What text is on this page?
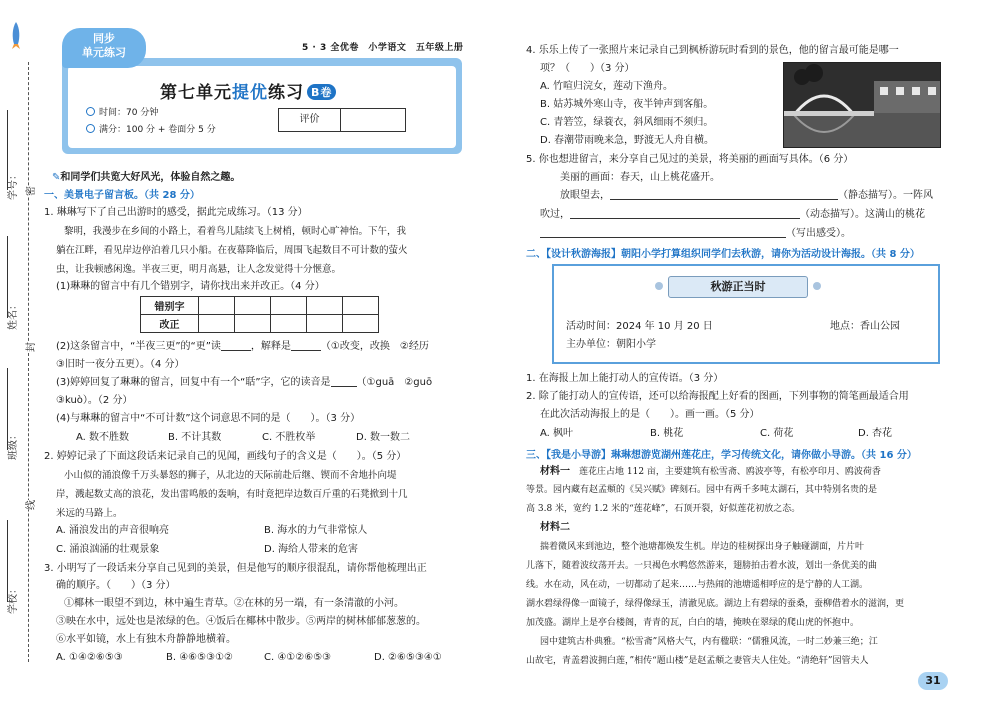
学号：
姓名：
班级：
学校：
密
封
线
同步
单元练习	5 · 3 全优卷　小学语文　五年级上册
第七单元提优练习 B卷
时间：70 分钟
满分：100 分 + 卷面分 5 分
评价
✎和同学们共览大好风光，体验自然之趣。
一、美景电子留言板。（共 28 分）
1. 琳琳写下了自己出游时的感受，据此完成练习。（13 分）
黎明，我漫步在乡间的小路上，看着鸟儿陆续飞上树梢，顿时心旷神怡。下午，我
躺在江畔，看见岸边停泊着几只小船。在夜幕降临后，周围飞起数目不可计数的萤火
虫，让我顿感闲逸。半夜三更，明月高悬，让人念发觉得十分惬意。
(1)琳琳的留言中有几个错别字，请你找出来并改正。（4 分）
错别字					
改正					
(2)这条留言中，“半夜三更”的“更”读	，解释是	（①改变，改换　②经历
③旧时一夜分五更）。（4 分）
(3)婷婷回复了琳琳的留言，回复中有一个“聒”字，它的读音是	（①guā　②guō
③kuò）。（2 分）
(4)与琳琳的留言中“不可计数”这个词意思不同的是（　　）。（3 分）
A. 数不胜数	B. 不计其数	C. 不胜枚举	D. 数一数二
2. 婷婷记录了下面这段话来记录自己的见闻，画线句子的含义是（　　）。（5 分）
小山似的涌浪像千万头暴怒的狮子，从北边的天际前赴后继、锲而不舍地扑向堤
岸，溅起数丈高的浪花，发出雷鸣般的轰响，有时竟把岸边数百斤重的石凳掀到十几
米远的马路上。
A. 涌浪发出的声音很响亮	B. 海水的力气非常惊人
C. 涌浪汹涌的壮观景象	D. 海给人带来的危害
3. 小明写了一段话来分享自己见到的美景，但是他写的顺序很混乱，请你帮他梳理出正
确的顺序。（　　）（3 分）
①椰林一眼望不到边，林中遍生青草。②在林的另一端，有一条清澈的小河。
③映在水中，远处也是浓绿的色。④饭后在椰林中散步。⑤两岸的树林郁郁葱葱的。
⑥水平如镜，水上有独木舟静静地横着。
A. ①④②⑥⑤③	B. ④⑥⑤③①②	C. ④①②⑥⑤③	D. ②⑥⑤③④①
4. 乐乐上传了一张照片来记录自己到枫桥游玩时看到的景色，他的留言最可能是哪一
项？（　　）（3 分）
A. 竹喧归浣女，莲动下渔舟。
B. 姑苏城外寒山寺，夜半钟声到客船。
C. 青箬笠，绿蓑衣，斜风细雨不须归。
D. 春潮带雨晚来急，野渡无人舟自横。
5. 你也想进留言，来分享自己见过的美景，将美丽的画面写具体。（6 分）
美丽的画面：春天，山上桃花盛开。
放眼望去，	（静态描写）。一阵风
吹过，	（动态描写）。这满山的桃花
（写出感受）。
二、【设计秋游海报】朝阳小学打算组织同学们去秋游，请你为活动设计海报。（共 8 分）
秋游正当时
活动时间：2024 年 10 月 20 日	地点：香山公园
主办单位：朝阳小学
1. 在海报上加上能打动人的宣传语。（3 分）
2. 除了能打动人的宣传语，还可以给海报配上好看的图画，下列事物的简笔画最适合用
在此次活动海报上的是（　　）。画一画。（5 分）
A. 枫叶	B. 桃花	C. 荷花	D. 杏花
三、【我是小导游】琳琳想游览湖州莲花庄，学习传统文化，请你做小导游。（共 16 分）
材料一　 莲花庄占地 112 亩，主要建筑有松雪斋、鸥波亭等，有松亭印月、鸥波荷香
等景。园内藏有赵孟頫的《吴兴赋》碑刻石。园中有两千多吨太湖石，其中特别名贵的是
高 3.8 米，宽约 1.2 米的“莲花峰”，石顶开裂，好似莲花初放之态。
材料二
揣着微风来到池边，整个池塘都焕发生机。岸边的桂树探出身子触碰湖面，片片叶
儿落下，随着波纹荡开去。一只褐色水鸭悠然游来，翅膀拍击着水波，划出一条优美的曲
线。水在动，风在动，一切都动了起来……与热闹的池塘遥相呼应的是宁静的人工湖。
湖水碧绿得像一面镜子，绿得像绿玉，清澈见底。湖边上有碧绿的蚕桑，蚕柳借着水的滋润，更
加茂盛。湖岸上是亭台楼阁，青青的瓦，白白的墙，掩映在翠绿的爬山虎的怀抱中。
园中建筑古朴典雅。“松雪斋”风格大气，内有楹联：“儒雅风流，一时二妙兼三绝；江
山故宅，青盖碧波拥白莲，”相传“题山楼”是赵孟頫之妻管夫人住处。“清绝轩”园管夫人
31
